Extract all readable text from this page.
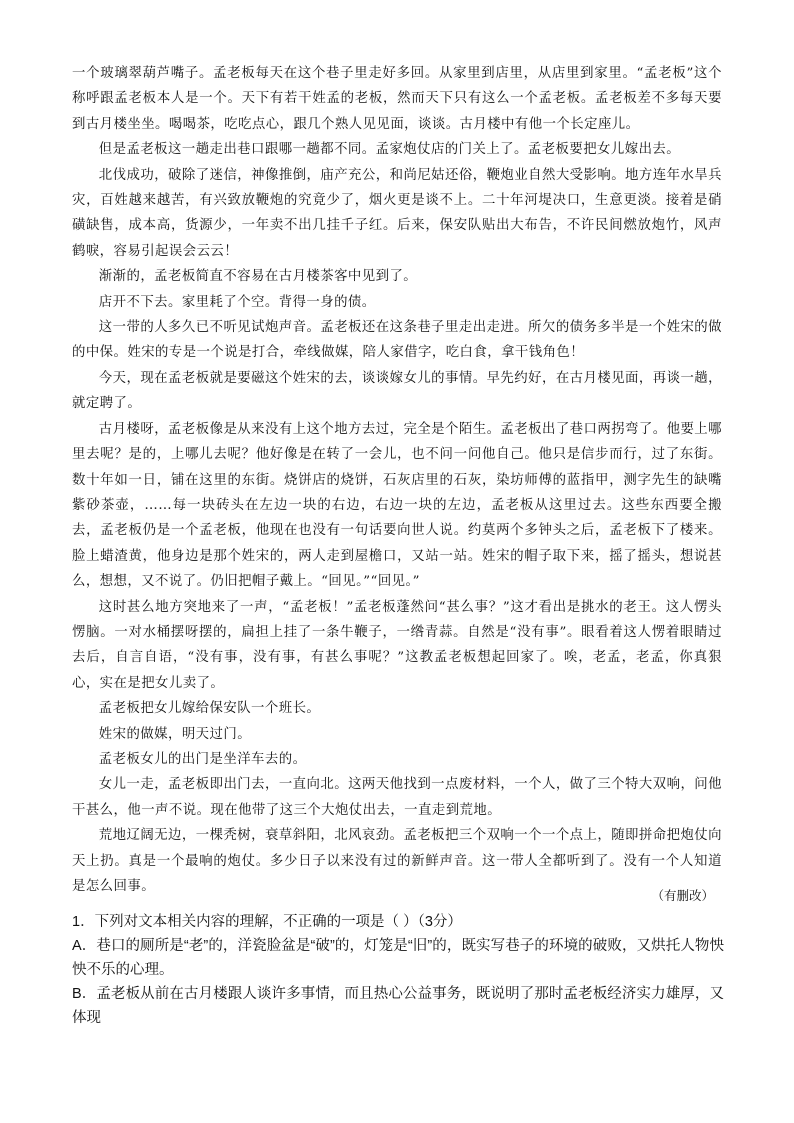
一个玻璃翠葫芦嘴子。孟老板每天在这个巷子里走好多回。从家里到店里，从店里到家里。“孟老板”这个称呼跟孟老板本人是一个。天下有若干姓孟的老板，然而天下只有这么一个孟老板。孟老板差不多每天要到古月楼坐坐。喝喝茶，吃吃点心，跟几个熟人见见面，谈谈。古月楼中有他一个长定座儿。

但是孟老板这一趟走出巷口跟哪一趟都不同。孟家炮仗店的门关上了。孟老板要把女儿嫁出去。

北伐成功，破除了迷信，神像推倒，庙产充公，和尚尼姑还俗，鞭炮业自然大受影响。地方连年水旱兵灾，百姓越来越苦，有兴致放鞭炮的究竟少了，烟火更是谈不上。二十年河堤决口，生意更淡。接着是硝磺缺售，成本高，货源少，一年卖不出几挂千子红。后来，保安队贴出大布告，不许民间燃放炮竹，风声鹤唳，容易引起误会云云！

渐渐的，孟老板简直不容易在古月楼茶客中见到了。

店开不下去。家里耗了个空。背得一身的债。

这一带的人多久已不听见试炮声音。孟老板还在这条巷子里走出走进。所欠的债务多半是一个姓宋的做的中保。姓宋的专是一个说是打合，牵线做媒，陪人家借字，吃白食，拿干钱角色！

今天，现在孟老板就是要磁这个姓宋的去，谈谈嫁女儿的事情。早先约好，在古月楼见面，再谈一趟，就定聘了。

古月楼呀，孟老板像是从来没有上这个地方去过，完全是个陌生。孟老板出了巷口两拐弯了。他要上哪里去呢？是的，上哪儿去呢？他好像是在转了一会儿，也不问一问他自己。他只是信步而行，过了东街。数十年如一日，铺在这里的东街。烧饼店的烧饼，石灰店里的石灰，染坊师傅的蓝指甲，测字先生的缺嘴紫砂茶壶，……每一块砖头在左边一块的右边，右边一块的左边，孟老板从这里过去。这些东西要全搬去，孟老板仍是一个孟老板，他现在也没有一句话要向世人说。约莫两个多钟头之后，孟老板下了楼来。脸上蜡渣黄，他身边是那个姓宋的，两人走到屋檐口，又站一站。姓宋的帽子取下来，摇了摇头，想说甚么，想想，又不说了。仍旧把帽子戴上。“回见。”“回见。”

这时甚么地方突地来了一声，“孟老板！”孟老板蓬然问“甚么事？”这才看出是挑水的老王。这人愣头愣脑。一对水桶摆呀摆的，扁担上挂了一条牛鞭子，一绺青蒜。自然是“没有事”。眼看着这人愣着眼睛过去后，自言自语，“没有事，没有事，有甚么事呢？”这教孟老板想起回家了。唉，老孟，老孟，你真狠心，实在是把女儿卖了。

孟老板把女儿嫁给保安队一个班长。

姓宋的做媒，明天过门。

孟老板女儿的出门是坐洋车去的。

女儿一走，孟老板即出门去，一直向北。这两天他找到一点废材料，一个人，做了三个特大双响，问他干甚么，他一声不说。现在他带了这三个大炮仗出去，一直走到荒地。

荒地辽阔无边，一棵秃树，衰草斜阳，北风哀劲。孟老板把三个双响一个一个点上，随即拼命把炮仗向天上扔。真是一个最响的炮仗。多少日子以来没有过的新鲜声音。这一带人全都听到了。没有一个人知道是怎么回事。

（有删改）

1．下列对文本相关内容的理解，不正确的一项是（ ）（3分）

A．巷口的厕所是“老”的，洋瓷脸盆是“破”的，灯笼是“旧”的，既实写巷子的环境的破败，又烘托人物怏怏不乐的心理。

B．孟老板从前在古月楼跟人谈许多事情，而且热心公益事务，既说明了那时孟老板经济实力雄厚，又体现
